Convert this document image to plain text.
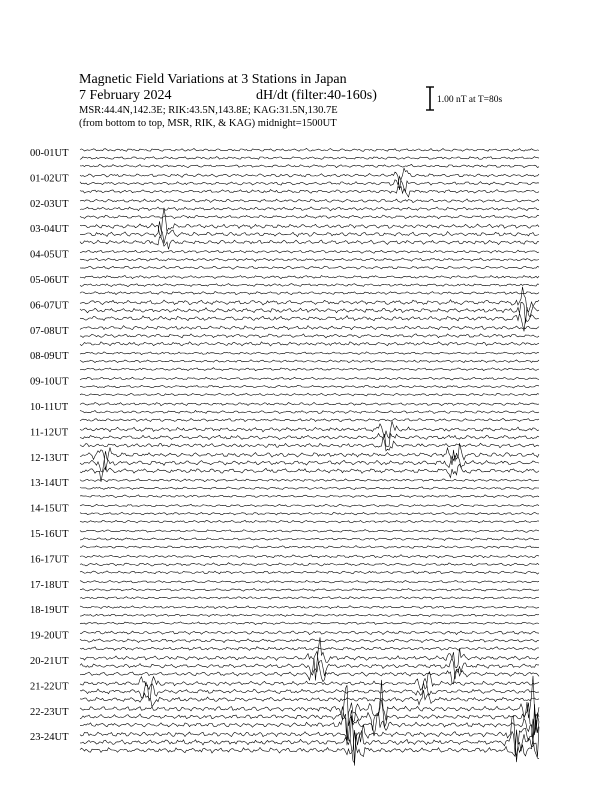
Magnetic Field Variations at 3 Stations in Japan
7 February 2024	dH/dt (filter:40-160s)
MSR:44.4N,142.3E; RIK:43.5N,143.8E; KAG:31.5N,130.7E
(from bottom to top, MSR, RIK, & KAG) midnight=1500UT
1.00 nT at T=80s
00-01UT
01-02UT
02-03UT
03-04UT
04-05UT
05-06UT
06-07UT
07-08UT
08-09UT
09-10UT
10-11UT
11-12UT
12-13UT
13-14UT
14-15UT
15-16UT
16-17UT
17-18UT
18-19UT
19-20UT
20-21UT
21-22UT
22-23UT
23-24UT
